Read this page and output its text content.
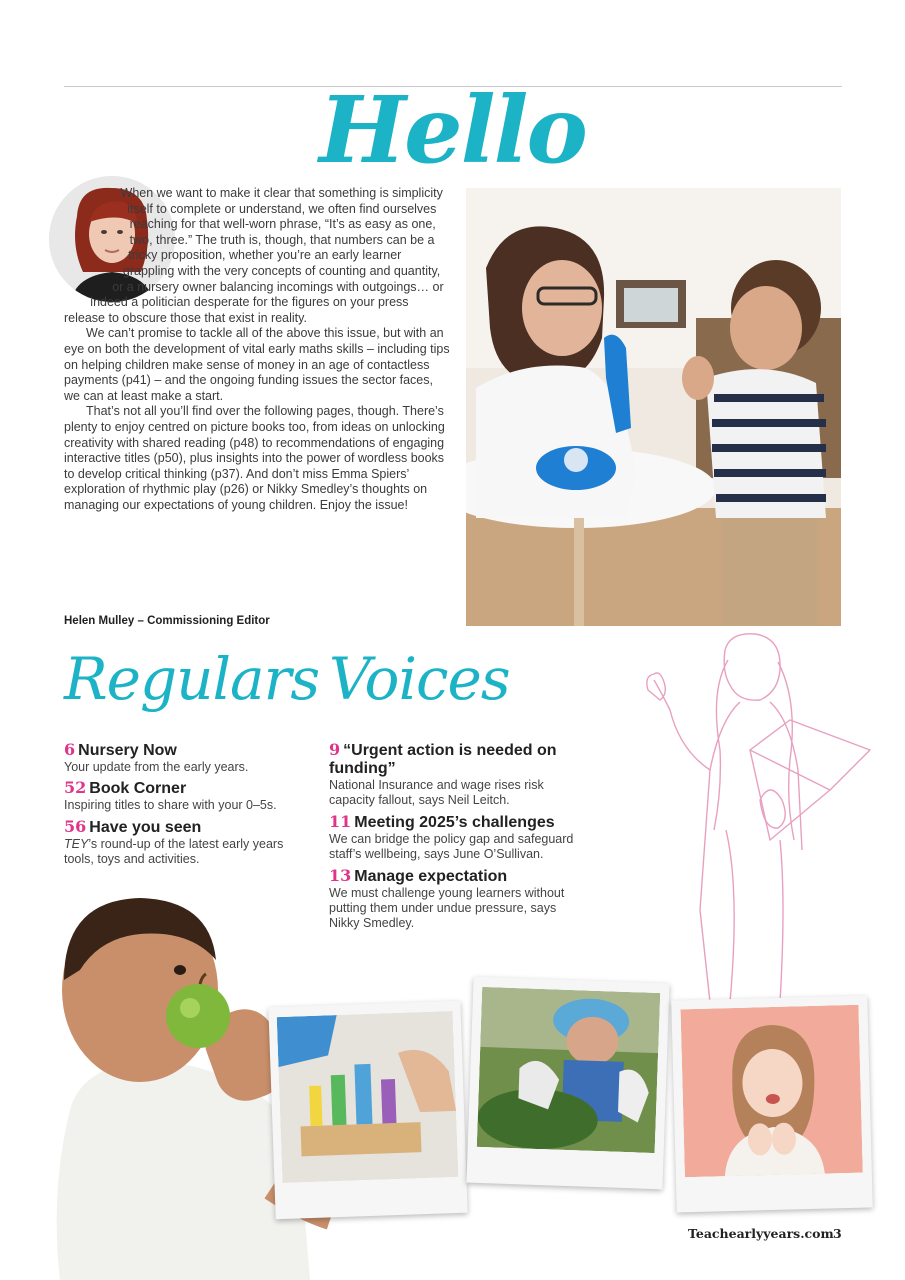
Hello

When we want to make it clear that something is simplicity itself to complete or understand, we often find ourselves reaching for that well-worn phrase, “It’s as easy as one, two, three.” The truth is, though, that numbers can be a tricky proposition, whether you’re an early learner grappling with the very concepts of counting and quantity, or a nursery owner balancing incomings with outgoings… or indeed a politician desperate for the figures on your press release to obscure those that exist in reality.

We can’t promise to tackle all of the above this issue, but with an eye on both the development of vital early maths skills – including tips on helping children make sense of money in an age of contactless payments (p41) – and the ongoing funding issues the sector faces, we can at least make a start.

That’s not all you’ll find over the following pages, though. There’s plenty to enjoy centred on picture books too, from ideas on unlocking creativity with shared reading (p48) to recommendations of engaging interactive titles (p50), plus insights into the power of wordless books to develop critical thinking (p37). And don’t miss Emma Spiers’ exploration of rhythmic play (p26) or Nikky Smedley’s thoughts on managing our expectations of young children. Enjoy the issue!

Helen Mulley – Commissioning Editor
Regulars
6 Nursery Now
Your update from the early years.
52 Book Corner
Inspiring titles to share with your 0–5s.
56 Have you seen
TEY’s round-up of the latest early years tools, toys and activities.
Voices
9 “Urgent action is needed on funding”
National Insurance and wage rises risk capacity fallout, says Neil Leitch.
11 Meeting 2025’s challenges
We can bridge the policy gap and safeguard staff’s wellbeing, says June O’Sullivan.
13 Manage expectation
We must challenge young learners without putting them under undue pressure, says Nikky Smedley.
Teachearlyyears.com 3
